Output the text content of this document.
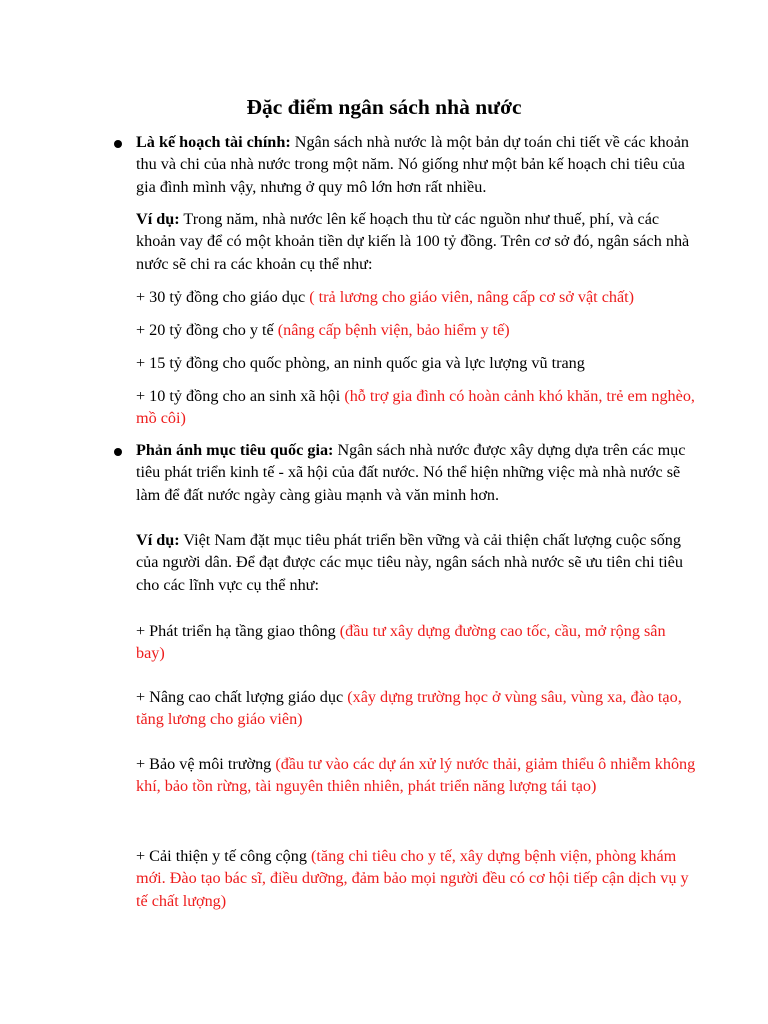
Đặc điểm ngân sách nhà nước

Là kế hoạch tài chính: Ngân sách nhà nước là một bản dự toán chi tiết về các khoản thu và chi của nhà nước trong một năm. Nó giống như một bản kế hoạch chi tiêu của gia đình mình vậy, nhưng ở quy mô lớn hơn rất nhiều.

Ví dụ: Trong năm, nhà nước lên kế hoạch thu từ các nguồn như thuế, phí, và các khoản vay để có một khoản tiền dự kiến là 100 tỷ đồng. Trên cơ sở đó, ngân sách nhà nước sẽ chi ra các khoản cụ thể như:

+ 30 tỷ đồng cho giáo dục ( trả lương cho giáo viên, nâng cấp cơ sở vật chất)

+ 20 tỷ đồng cho y tế (nâng cấp bệnh viện, bảo hiểm y tế)

+ 15 tỷ đồng cho quốc phòng, an ninh quốc gia và lực lượng vũ trang

+ 10 tỷ đồng cho an sinh xã hội (hỗ trợ gia đình có hoàn cảnh khó khăn, trẻ em nghèo, mồ côi)

Phản ánh mục tiêu quốc gia: Ngân sách nhà nước được xây dựng dựa trên các mục tiêu phát triển kinh tế - xã hội của đất nước. Nó thể hiện những việc mà nhà nước sẽ làm để đất nước ngày càng giàu mạnh và văn minh hơn.

Ví dụ: Việt Nam đặt mục tiêu phát triển bền vững và cải thiện chất lượng cuộc sống của người dân. Để đạt được các mục tiêu này, ngân sách nhà nước sẽ ưu tiên chi tiêu cho các lĩnh vực cụ thể như:

+ Phát triển hạ tầng giao thông (đầu tư xây dựng đường cao tốc, cầu, mở rộng sân bay)

+ Nâng cao chất lượng giáo dục (xây dựng trường học ở vùng sâu, vùng xa, đào tạo, tăng lương cho giáo viên)

+ Bảo vệ môi trường (đầu tư vào các dự án xử lý nước thải, giảm thiểu ô nhiễm không khí, bảo tồn rừng, tài nguyên thiên nhiên, phát triển năng lượng tái tạo)

+ Cải thiện y tế công cộng (tăng chi tiêu cho y tế, xây dựng bệnh viện, phòng khám mới. Đào tạo bác sĩ, điều dưỡng, đảm bảo mọi người đều có cơ hội tiếp cận dịch vụ y tế chất lượng)
